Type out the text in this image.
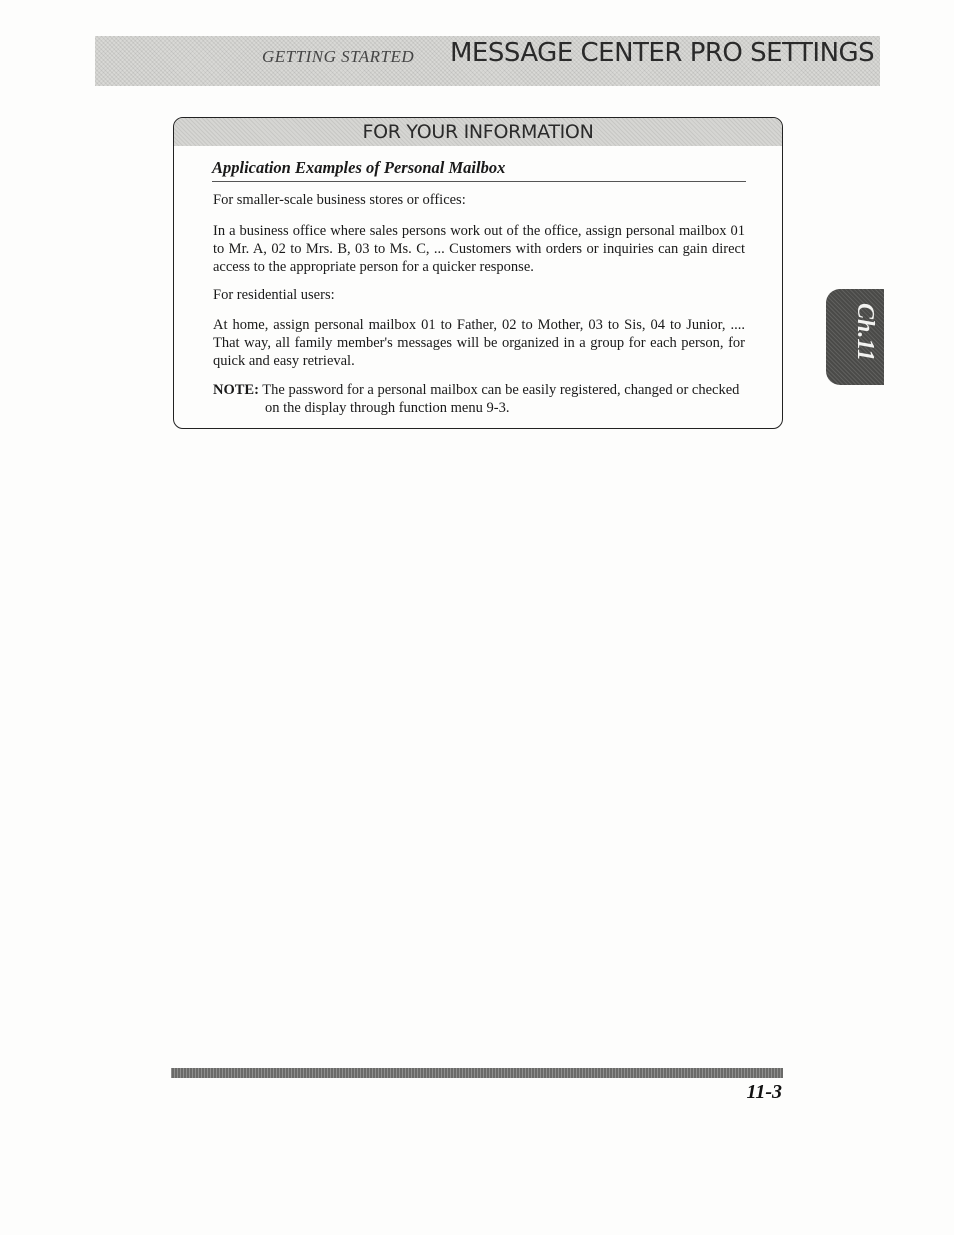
GETTING STARTED MESSAGE CENTER PRO SETTINGS
FOR YOUR INFORMATION
Application Examples of Personal Mailbox
For smaller-scale business stores or offices:
In a business office where sales persons work out of the office, assign personal mailbox 01 to Mr. A, 02 to Mrs. B, 03 to Ms. C, ... Customers with orders or inquiries can gain direct access to the appropriate person for a quicker response.
For residential users:
At home, assign personal mailbox 01 to Father, 02 to Mother, 03 to Sis, 04 to Junior, .... That way, all family member's messages will be organized in a group for each person, for quick and easy retrieval.
NOTE: The password for a personal mailbox can be easily registered, changed or checked on the display through function menu 9-3.
Ch.11
11-3
